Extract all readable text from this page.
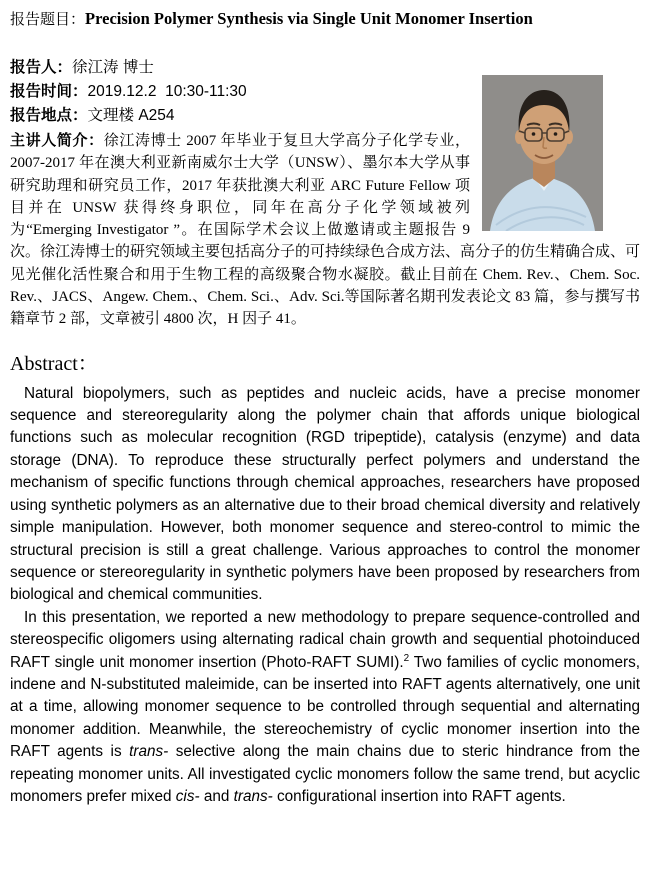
报告题目：Precision Polymer Synthesis via Single Unit Monomer Insertion

报告人：徐江涛 博士

报告时间：2019.12.2  10:30-11:30

报告地点：文理楼 A254

主讲人简介：徐江涛博士 2007 年毕业于复旦大学高分子化学专业，2007-2017 年在澳大利亚新南威尔士大学（UNSW）、墨尔本大学从事研究助理和研究员工作，2017 年获批澳大利亚 ARC Future Fellow 项目并在 UNSW 获得终身职位，同年在高分子化学领域被列为“Emerging Investigator ”。在国际学术会议上做邀请或主题报告 9 次。徐江涛博士的研究领域主要包括高分子的可持续绿色合成方法、高分子的仿生精确合成、可见光催化活性聚合和用于生物工程的高级聚合物水凝胶。截止目前在 Chem. Rev.、Chem. Soc. Rev.、JACS、Angew. Chem.、Chem. Sci.、Adv. Sci.等国际著名期刊发表论文 83 篇，参与撰写书籍章节 2 部，文章被引 4800 次，H 因子 41。

Abstract：

Natural biopolymers, such as peptides and nucleic acids, have a precise monomer sequence and stereoregularity along the polymer chain that affords unique biological functions such as molecular recognition (RGD tripeptide), catalysis (enzyme) and data storage (DNA). To reproduce these structurally perfect polymers and understand the mechanism of specific functions through chemical approaches, researchers have proposed using synthetic polymers as an alternative due to their broad chemical diversity and relatively simple manipulation. However, both monomer sequence and stereo-control to mimic the structural precision is still a great challenge. Various approaches to control the monomer sequence or stereoregularity in synthetic polymers have been proposed by researchers from biological and chemical communities.

In this presentation, we reported a new methodology to prepare sequence-controlled and stereospecific oligomers using alternating radical chain growth and sequential photoinduced RAFT single unit monomer insertion (Photo-RAFT SUMI).$^2$ Two families of cyclic monomers, indene and N-substituted maleimide, can be inserted into RAFT agents alternatively, one unit at a time, allowing monomer sequence to be controlled through sequential and alternating monomer addition. Meanwhile, the stereochemistry of cyclic monomer insertion into the RAFT agents is trans- selective along the main chains due to steric hindrance from the repeating monomer units. All investigated cyclic monomers follow the same trend, but acyclic monomers prefer mixed cis- and trans- configurational insertion into RAFT agents.
